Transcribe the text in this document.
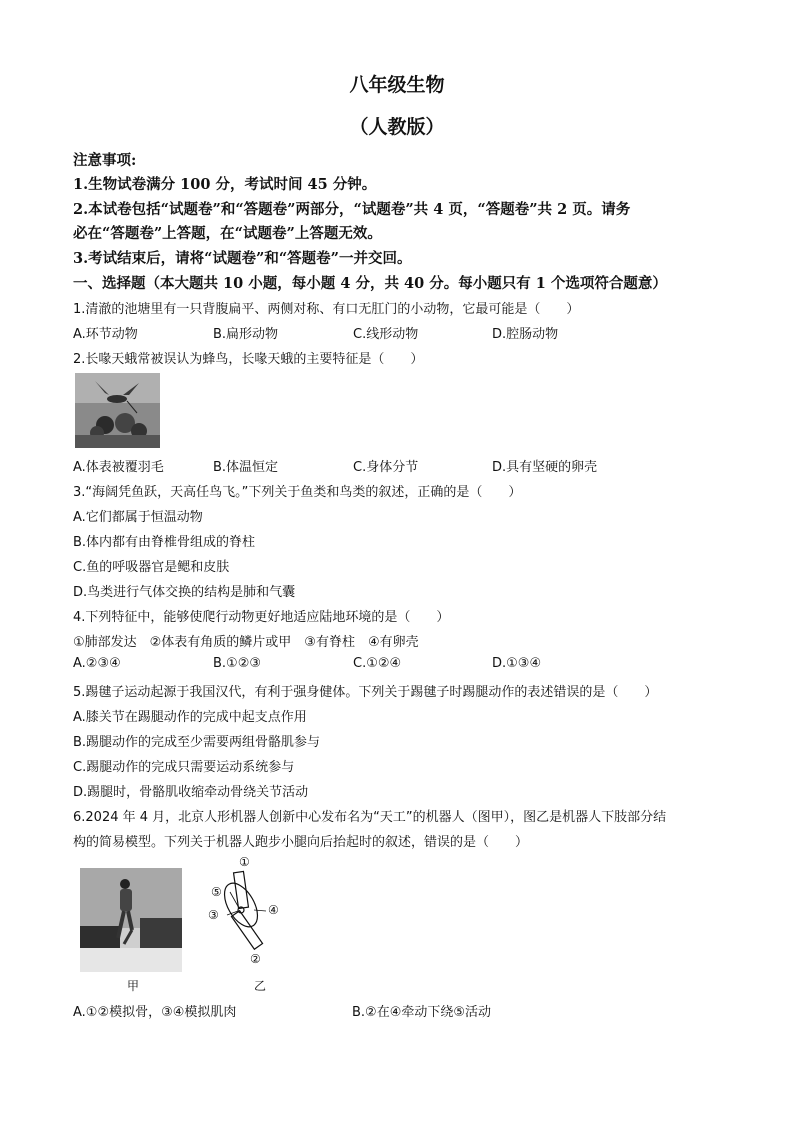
八年级生物
（人教版）
注意事项:
1.生物试卷满分 100 分，考试时间 45 分钟。
2.本试卷包括“试题卷”和“答题卷”两部分，“试题卷”共 4 页，“答题卷”共 2 页。请务
必在“答题卷”上答题，在“试题卷”上答题无效。
3.考试结束后，请将“试题卷”和“答题卷”一并交回。
一、选择题（本大题共 10 小题，每小题 4 分，共 40 分。每小题只有 1 个选项符合题意）
1.清澈的池塘里有一只背腹扁平、两侧对称、有口无肛门的小动物，它最可能是（　　）
A.环节动物	B.扁形动物	C.线形动物	D.腔肠动物
2.长喙天蛾常被误认为蜂鸟，长喙天蛾的主要特征是（　　）
A.体表被覆羽毛	B.体温恒定	C.身体分节	D.具有坚硬的卵壳
3.“海阔凭鱼跃，天高任鸟飞。”下列关于鱼类和鸟类的叙述，正确的是（　　）
A.它们都属于恒温动物
B.体内都有由脊椎骨组成的脊柱
C.鱼的呼吸器官是鳃和皮肤
D.鸟类进行气体交换的结构是肺和气囊
4.下列特征中，能够使爬行动物更好地适应陆地环境的是（　　）
①肺部发达　②体表有角质的鳞片或甲　③有脊柱　④有卵壳
A.②③④	B.①②③	C.①②④	D.①③④
5.踢毽子运动起源于我国汉代，有利于强身健体。下列关于踢毽子时踢腿动作的表述错误的是（　　）
A.膝关节在踢腿动作的完成中起支点作用
B.踢腿动作的完成至少需要两组骨骼肌参与
C.踢腿动作的完成只需要运动系统参与
D.踢腿时，骨骼肌收缩牵动骨绕关节活动
6.2024 年 4 月，北京人形机器人创新中心发布名为“天工”的机器人（图甲），图乙是机器人下肢部分结
构的简易模型。下列关于机器人跑步小腿向后抬起时的叙述，错误的是（　　）
甲
①
②
③	④
⑤
乙
A.①②模拟骨，③④模拟肌肉	B.②在④牵动下绕⑤活动
